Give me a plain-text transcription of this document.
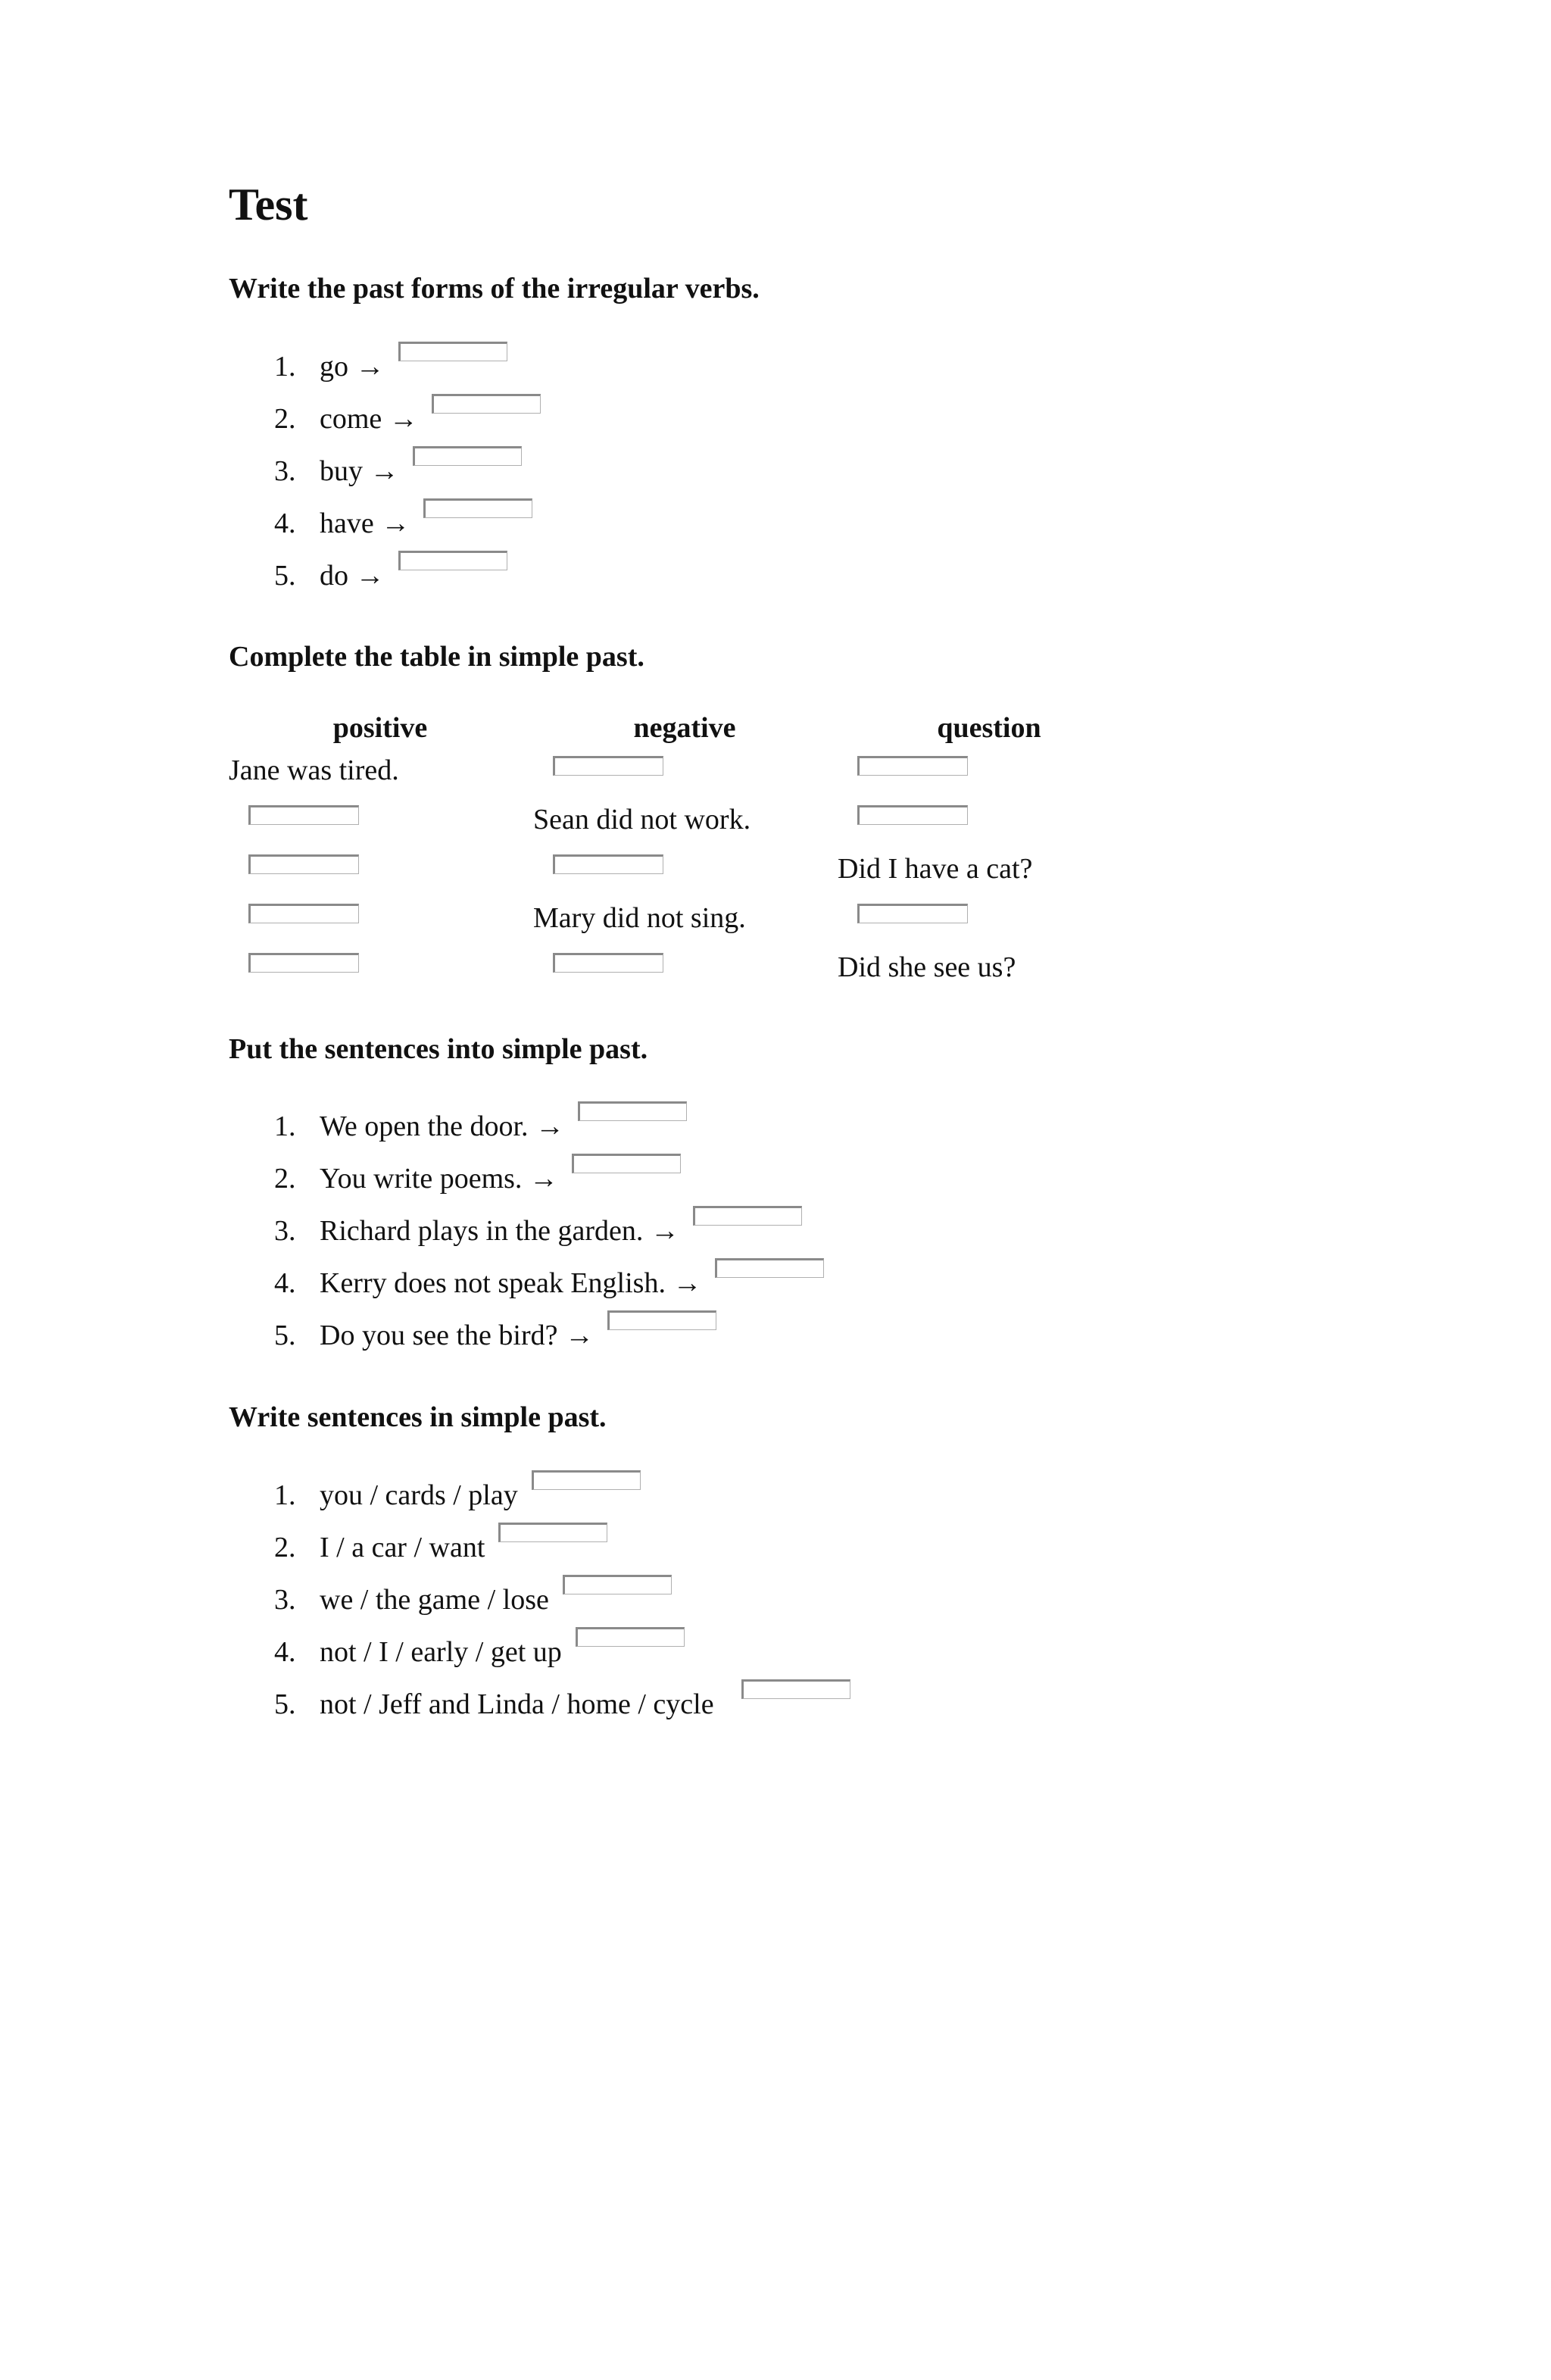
Test

Write the past forms of the irregular verbs.

1. go →
2. come →
3. buy →
4. have →
5. do →

Complete the table in simple past.

positive	negative	question
Jane was tired.
Sean did not work.
Did I have a cat?
Mary did not sing.
Did she see us?

Put the sentences into simple past.

1. We open the door. →
2. You write poems. →
3. Richard plays in the garden. →
4. Kerry does not speak English. →
5. Do you see the bird? →

Write sentences in simple past.

1. you / cards / play
2. I / a car / want
3. we / the game / lose
4. not / I / early / get up
5. not / Jeff and Linda / home / cycle
